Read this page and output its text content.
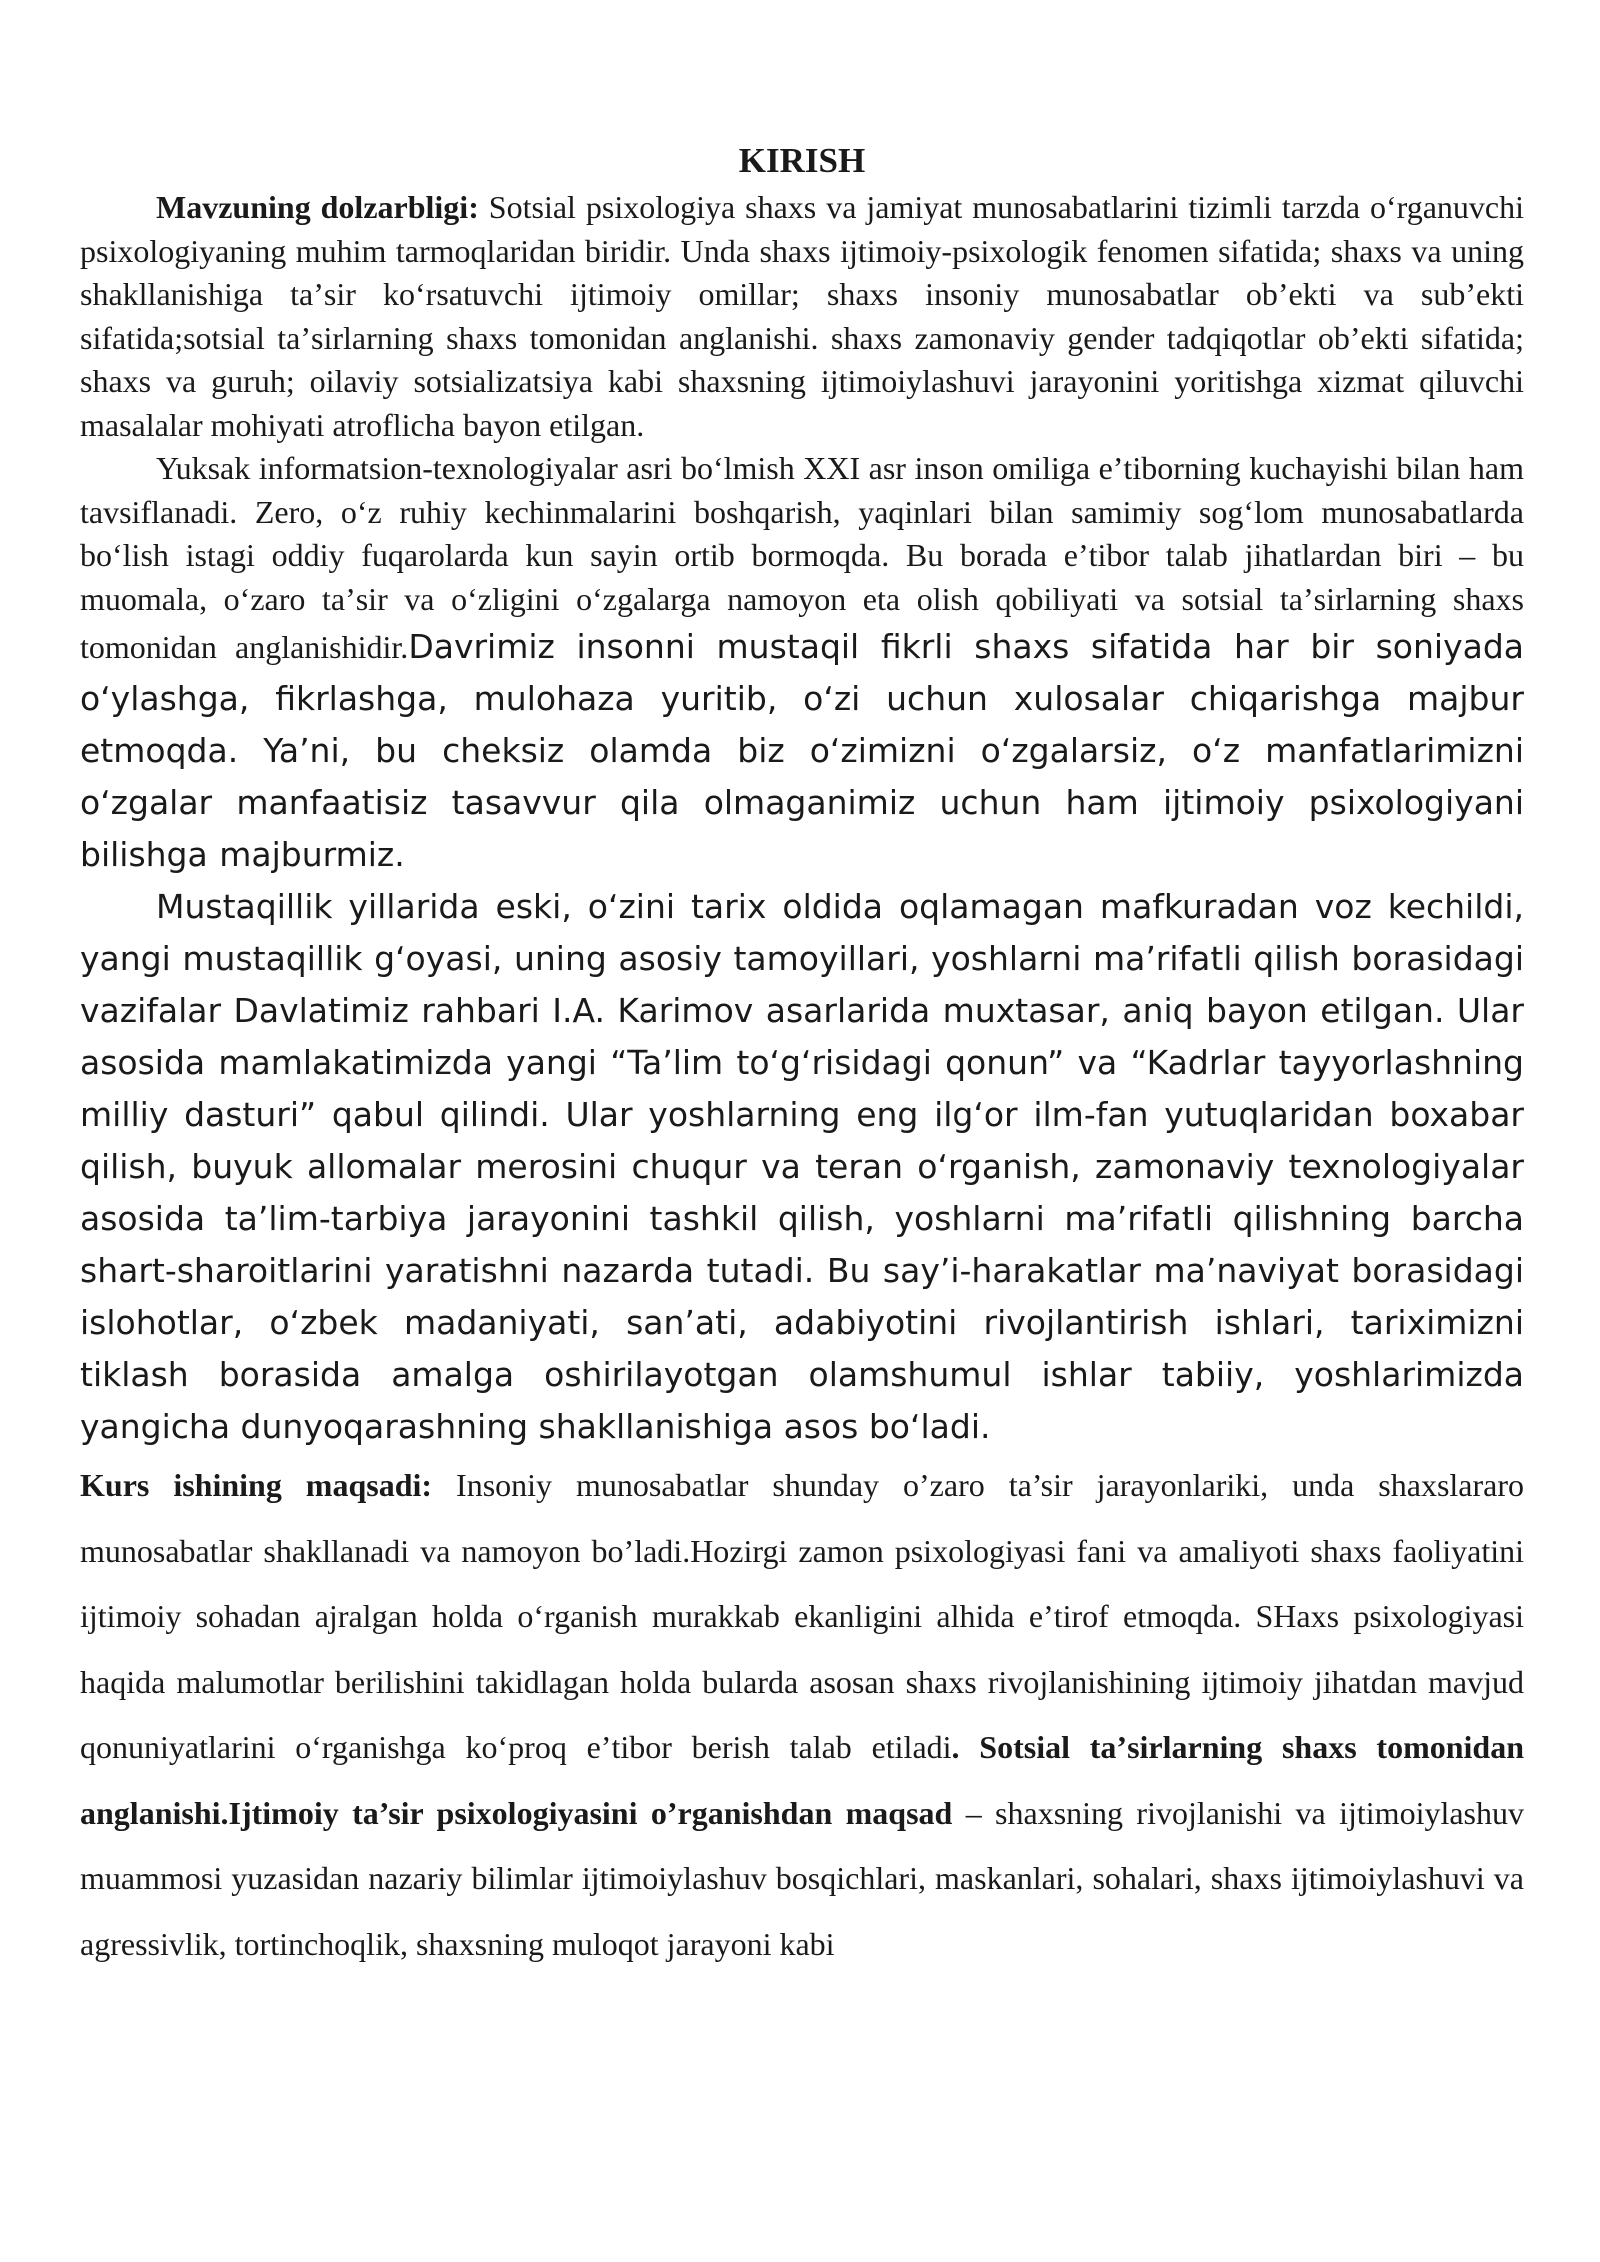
KIRISH

Mavzuning dolzarbligi: Sotsial psixologiya shaxs va jamiyat munosabatlarini tizimli tarzda oʻrganuvchi psixologiyaning muhim tarmoqlaridan biridir. Unda shaxs ijtimoiy-psixologik fenomen sifatida; shaxs va uning shakllanishiga taʼsir koʻrsatuvchi ijtimoiy omillar; shaxs insoniy munosabatlar obʼekti va subʼekti sifatida;sotsial taʼsirlarning shaxs tomonidan anglanishi. shaxs zamonaviy gender tadqiqotlar obʼekti sifatida; shaxs va guruh; oilaviy sotsializatsiya kabi shaxsning ijtimoiylashuvi jarayonini yoritishga xizmat qiluvchi masalalar mohiyati atroflicha bayon etilgan.

Yuksak informatsion-texnologiyalar asri boʻlmish XXI asr inson omiliga eʼtiborning kuchayishi bilan ham tavsiflanadi. Zero, oʻz ruhiy kechinmalarini boshqarish, yaqinlari bilan samimiy sogʻlom munosabatlarda boʻlish istagi oddiy fuqarolarda kun sayin ortib bormoqda. Bu borada eʼtibor talab jihatlardan biri – bu muomala, oʻzaro taʼsir va oʻzligini oʻzgalarga namoyon eta olish qobiliyati va sotsial taʼsirlarning shaxs tomonidan anglanishidir.Davrimiz insonni mustaqil fikrli shaxs sifatida har bir soniyada oʻylashga, fikrlashga, mulohaza yuritib, oʻzi uchun xulosalar chiqarishga majbur etmoqda. Yaʼni, bu cheksiz olamda biz oʻzimizni oʻzgalarsiz, oʻz manfatlarimizni oʻzgalar manfaatisiz tasavvur qila olmaganimiz uchun ham ijtimoiy psixologiyani bilishga majburmiz.

Mustaqillik yillarida eski, oʻzini tarix oldida oqlamagan mafkuradan voz kechildi, yangi mustaqillik gʻoyasi, uning asosiy tamoyillari, yoshlarni maʼrifatli qilish borasidagi vazifalar Davlatimiz rahbari I.A. Karimov asarlarida muxtasar, aniq bayon etilgan. Ular asosida mamlakatimizda yangi “Taʼlim toʻgʻrisidagi qonun” va “Kadrlar tayyorlashning milliy dasturi” qabul qilindi. Ular yoshlarning eng ilgʻor ilm-fan yutuqlaridan boxabar qilish, buyuk allomalar merosini chuqur va teran oʻrganish, zamonaviy texnologiyalar asosida taʼlim-tarbiya jarayonini tashkil qilish, yoshlarni maʼrifatli qilishning barcha shart-sharoitlarini yaratishni nazarda tutadi. Bu sayʼi-harakatlar maʼnaviyat borasidagi islohotlar, oʻzbek madaniyati, sanʼati, adabiyotini rivojlantirish ishlari, tariximizni tiklash borasida amalga oshirilayotgan olamshumul ishlar tabiiy, yoshlarimizda yangicha dunyoqarashning shakllanishiga asos boʻladi.

Kurs ishining maqsadi: Insoniy munosabatlar shunday o’zaro ta’sir jarayonlariki, unda shaxslararo munosabatlar shakllanadi va namoyon bo’ladi.Hozirgi zamon psixologiyasi fani va amaliyoti shaxs faoliyatini ijtimoiy sohadan ajralgan holda oʻrganish murakkab ekanligini alhida eʼtirof etmoqda. SHaxs psixologiyasi haqida malumotlar berilishini takidlagan holda bularda asosan shaxs rivojlanishining ijtimoiy jihatdan mavjud qonuniyatlarini oʻrganishga koʻproq eʼtibor berish talab etiladi. Sotsial taʼsirlarning shaxs tomonidan anglanishi.Ijtimoiy ta’sir psixologiyasini o’rganishdan maqsad – shaxsning rivojlanishi va ijtimoiylashuv muammosi yuzasidan nazariy bilimlar ijtimoiylashuv bosqichlari, maskanlari, sohalari, shaxs ijtimoiylashuvi va agressivlik, tortinchoqlik, shaxsning muloqot jarayoni kabi
